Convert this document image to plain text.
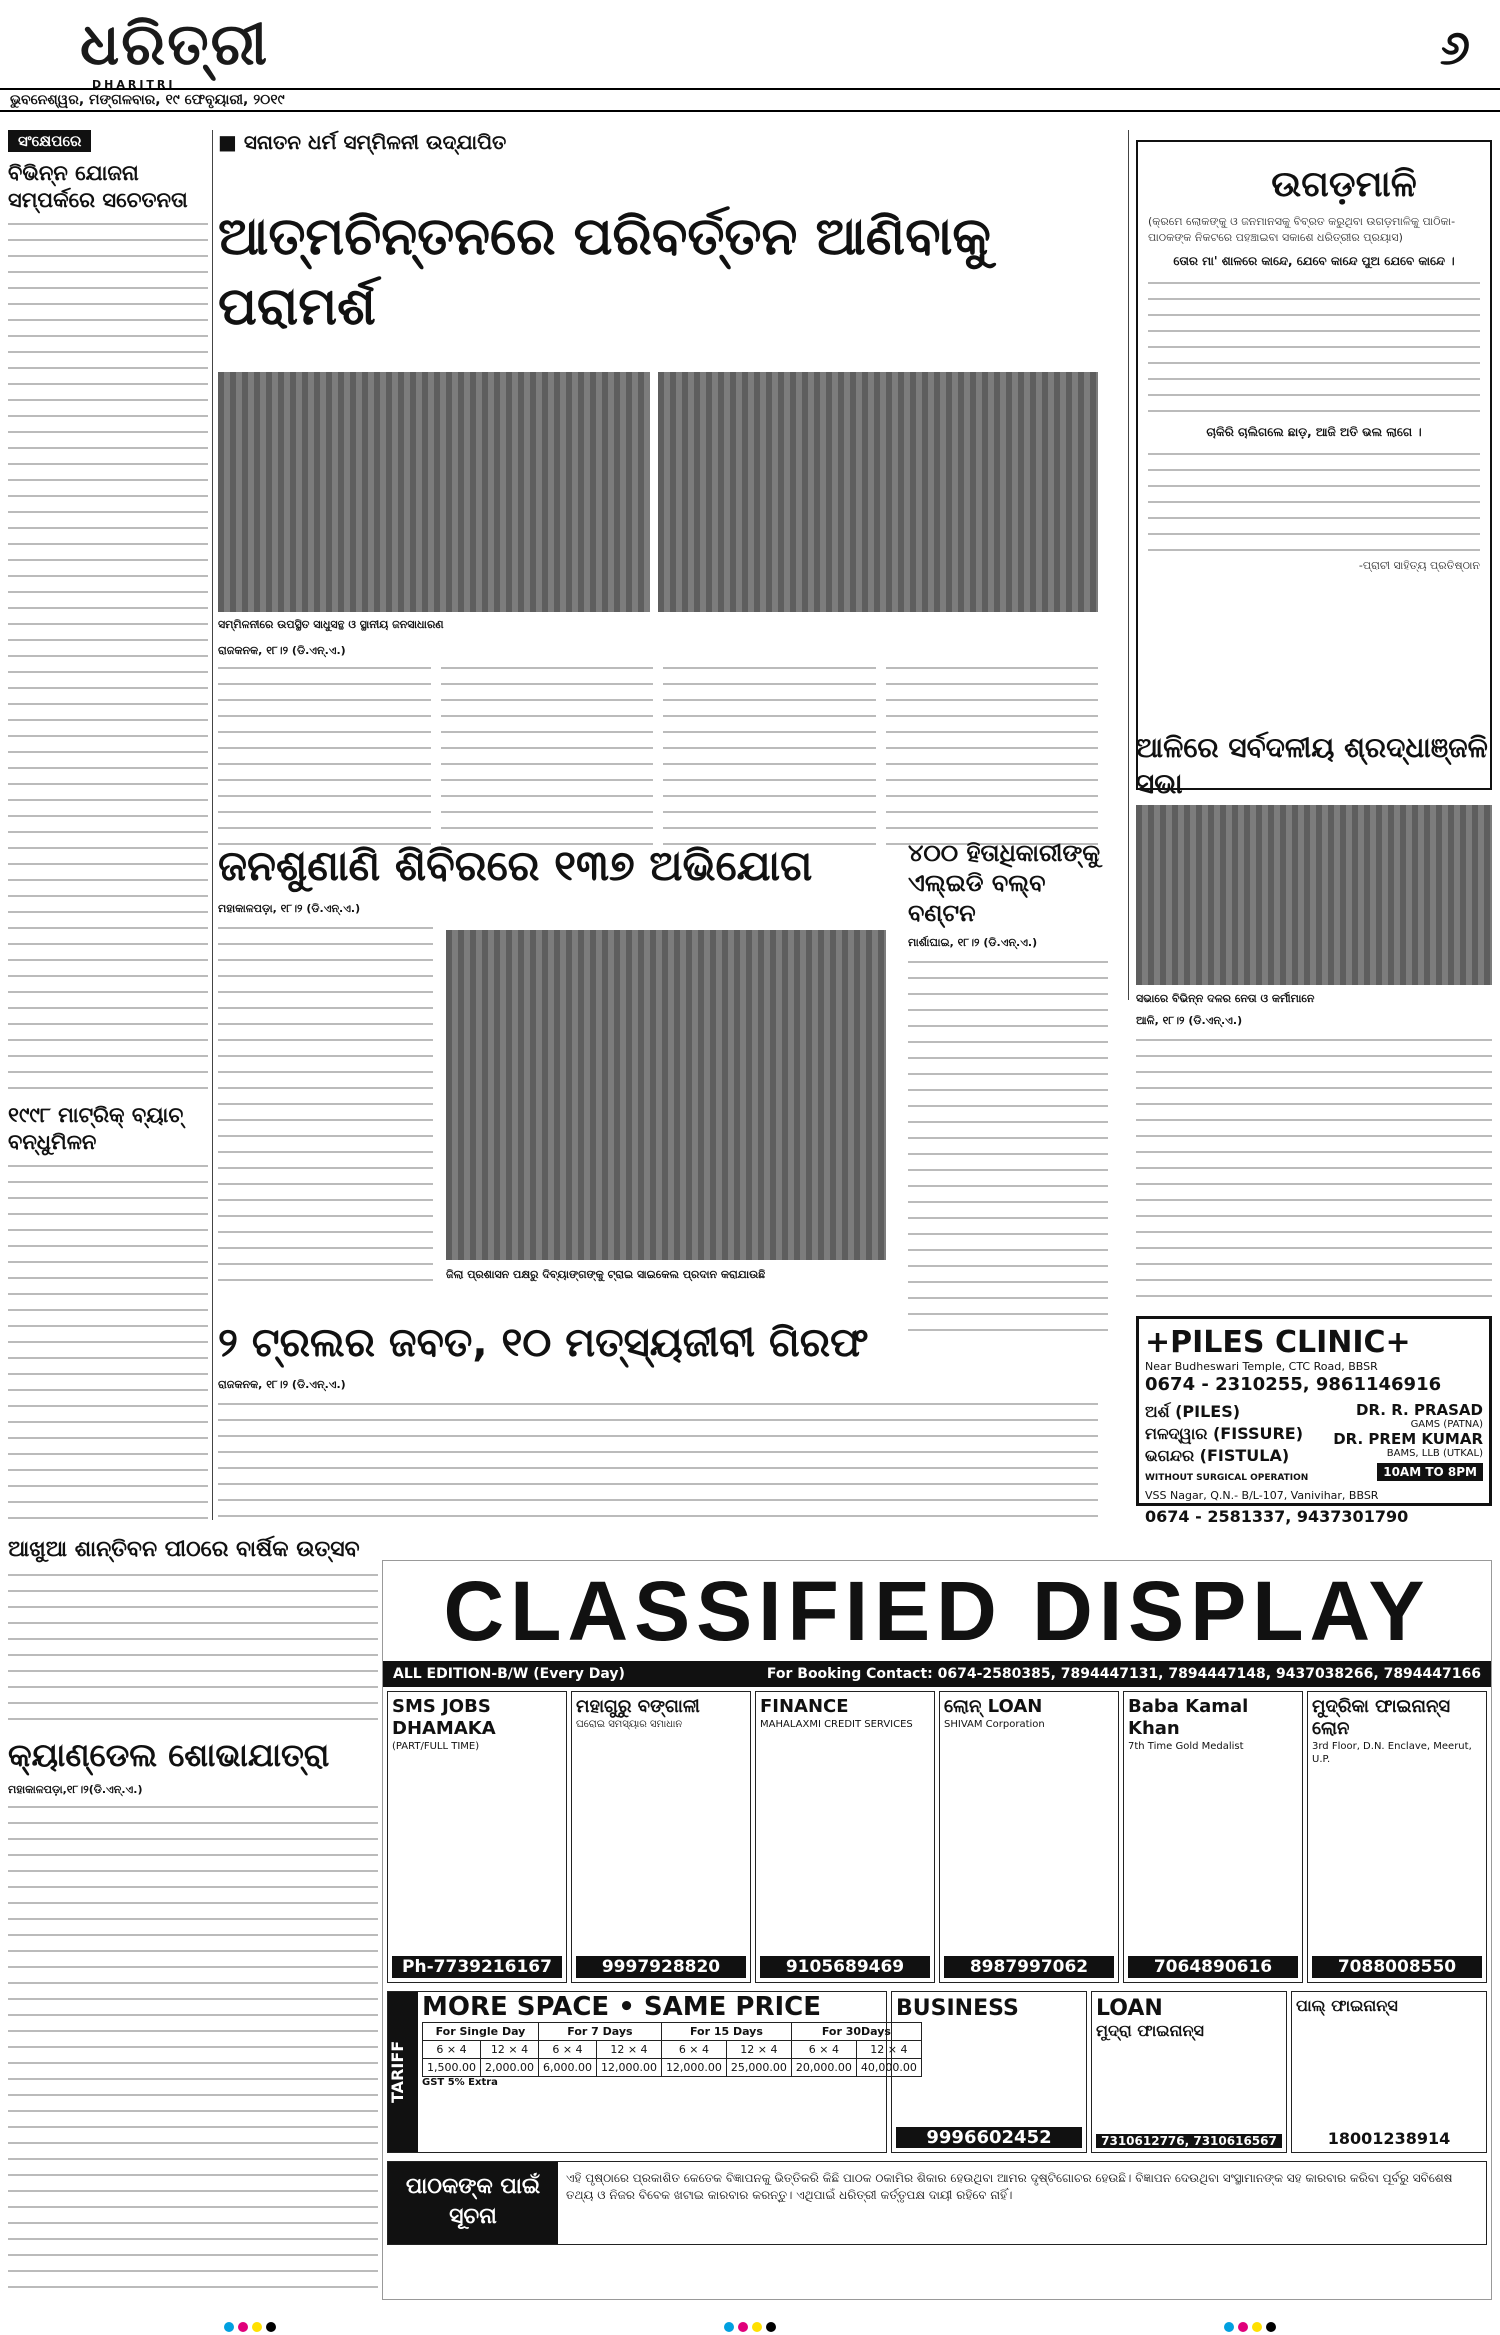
ଧରିତ୍ରୀ
DHARITRI
୬
ଭୁବନେଶ୍ୱର, ମଙ୍ଗଳବାର, ୧୯ ଫେବୃୟାରୀ, ୨୦୧୯
ସଂକ୍ଷେପରେ
ବିଭିନ୍ନ ଯୋଜନା ସମ୍ପର୍କରେ ସଚେତନତା
୧୯୯୮ ମାଟ୍ରିକ୍ ବ୍ୟାଚ୍ ବନ୍ଧୁମିଳନ
■ ସନାତନ ଧର୍ମ ସମ୍ମିଳନୀ ଉଦ୍‌ଯାପିତ
ଆତ୍ମଚିନ୍ତନରେ ପରିବର୍ତ୍ତନ ଆଣିବାକୁ ପରାମର୍ଶ
ସମ୍ମିଳନୀରେ ଉପସ୍ଥିତ ସାଧୁସନ୍ଥ ଓ ସ୍ଥାନୀୟ ଜନସାଧାରଣ
ରାଜକନକ, ୧୮।୨ (ଡି.ଏନ୍.ଏ.)
ଜନଶୁଣାଣି ଶିବିରରେ ୧୩୭ ଅଭିଯୋଗ
ମହାକାଳପଡ଼ା, ୧୮।୨ (ଡି.ଏନ୍.ଏ.)
ଜିଲା ପ୍ରଶାସନ ପକ୍ଷରୁ ଦିବ୍ୟାଙ୍ଗଙ୍କୁ ଟ୍ରାଇ ସାଇକେଲ ପ୍ରଦାନ କରାଯାଉଛି
୪୦୦ ହିତାଧିକାରୀଙ୍କୁ ଏଲ୍‌ଇଡି ବଲ୍‌ବ ବଣ୍ଟନ
ମାର୍ଶାଘାଇ, ୧୮।୨ (ଡି.ଏନ୍.ଏ.)
୨ ଟ୍ରଲର ଜବତ, ୧୦ ମତ୍ସ୍ୟଜୀବୀ ଗିରଫ
ରାଜକନକ, ୧୮।୨ (ଡି.ଏନ୍.ଏ.)
ଉଗଡ଼ମାଳି
(କ୍ରମେ ଲୋକଙ୍କୁ ଓ ଜନମାନସକୁ ବିବ୍ରତ କରୁଥିବା ଉଗଡ଼ମାଳିକୁ ପାଠିକା-ପାଠକଙ୍କ ନିକଟରେ ପହଞ୍ଚାଇବା ସକାଶେ ଧରିତ୍ରୀର ପ୍ରୟାସ)
ତୋର ମା' ଶାଳରେ କାନ୍ଦେ, ଯେବେ କାନ୍ଦେ ପୁଅ ଯେବେ କାନ୍ଦେ ।
ଚାକିରି ଚାଲିଗଲେ ଛାଡ଼, ଆଜି ଅତି ଭଲ ଲାଗେ ।
-ପ୍ରାଚୀ ସାହିତ୍ୟ ପ୍ରତିଷ୍ଠାନ
ଆଳିରେ ସର୍ବଦଳୀୟ ଶ୍ରଦ୍ଧାଞ୍ଜଳି ସଭା
ସଭାରେ ବିଭିନ୍ନ ଦଳର ନେତା ଓ କର୍ମୀମାନେ
ଆଳି, ୧୮।୨ (ଡି.ଏନ୍.ଏ.)
+PILES CLINIC+
Near Budheswari Temple, CTC Road, BBSR
0674 - 2310255, 9861146916
ଅର୍ଶ (PILES)
ମଳଦ୍ୱାର (FISSURE)
ଭଗନ୍ଦର (FISTULA)
WITHOUT SURGICAL OPERATION
DR. R. PRASAD
GAMS (PATNA)
DR. PREM KUMAR
BAMS, LLB (UTKAL)
10AM TO 8PM
VSS Nagar, Q.N.- B/L-107, Vanivihar, BBSR
0674 - 2581337, 9437301790
ଆଖୁଆ ଶାନ୍ତିବନ ପୀଠରେ ବାର୍ଷିକ ଉତ୍ସବ
କ୍ୟାଣ୍ଡେଲ ଶୋଭାଯାତ୍ରା
ମହାକାଳପଡ଼ା,୧୮।୨(ଡି.ଏନ୍.ଏ.)
CLASSIFIED DISPLAY
ALL EDITION-B/W (Every Day)	For Booking Contact: 0674-2580385, 7894447131, 7894447148, 9437038266, 7894447166
SMS JOBS DHAMAKA
(PART/FULL TIME)
Ph-7739216167
ମହାଗୁରୁ ବଙ୍ଗାଳୀ
ଘରୋଇ ସମସ୍ୟାର ସମାଧାନ
9997928820
FINANCE
MAHALAXMI CREDIT SERVICES
9105689469
ଲୋନ୍ LOAN
SHIVAM Corporation
8987997062
Baba Kamal Khan
7th Time Gold Medalist
7064890616
ମୁଦ୍ରିକା ଫାଇନାନ୍ସ ଲୋନ
3rd Floor, D.N. Enclave, Meerut, U.P.
7088008550
TARIFF
MORE SPACE • SAME PRICE
For Single Day		For 7 Days		For 15 Days		For 30Days	
6 × 4	12 × 4	6 × 4	12 × 4	6 × 4	12 × 4	6 × 4	12 × 4
1,500.00	2,000.00	6,000.00	12,000.00	12,000.00	25,000.00	20,000.00	40,000.00
GST 5% Extra
BUSINESS
9996602452
LOAN
ମୁଦ୍ରା ଫାଇନାନ୍ସ
7310612776, 7310616567
ପାଲ୍ ଫାଇନାନ୍ସ
18001238914
ପାଠକଙ୍କ ପାଇଁ ସୂଚନା
ଏହି ପୃଷ୍ଠାରେ ପ୍ରକାଶିତ କେତେକ ବିଜ୍ଞାପନକୁ ଭିତ୍ତିକରି କିଛି ପାଠକ ଠକାମିର ଶିକାର ହେଉଥିବା ଆମର ଦୃଷ୍ଟିଗୋଚର ହେଉଛି। ବିଜ୍ଞାପନ ଦେଉଥିବା ସଂସ୍ଥାମାନଙ୍କ ସହ କାରବାର କରିବା ପୂର୍ବରୁ ସବିଶେଷ ତଥ୍ୟ ଓ ନିଜର ବିବେକ ଖଟାଇ କାରବାର କରନ୍ତୁ। ଏଥିପାଇଁ ଧରିତ୍ରୀ କର୍ତ୍ତୃପକ୍ଷ ଦାୟୀ ରହିବେ ନାହିଁ।
